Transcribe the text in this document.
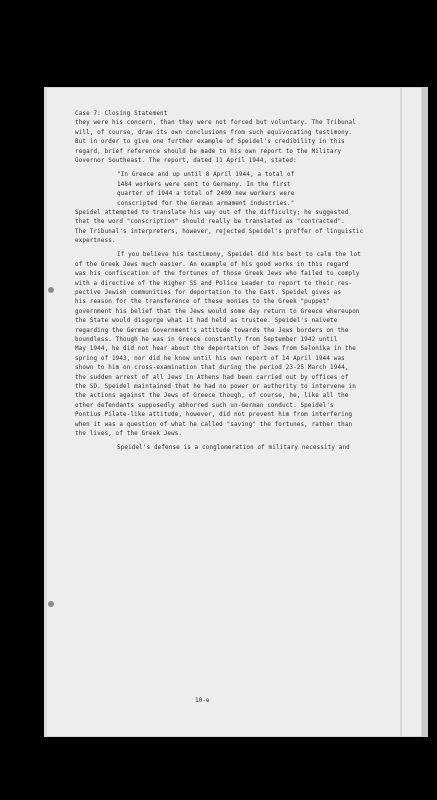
Case 7: Closing Statement
they were his concern, than they were not forced but voluntary. The Tribunal
will, of course, draw its own conclusions from such equivocating testimony.
But in order to give one further example of Speidel's credibility in this
regard, brief reference should be made to his own report to the Military
Governor Southeast. The report, dated 11 April 1944, stated:
"In Greece and up until 8 April 1944, a total of
1484 workers were sent to Germany. In the first
quarter of 1944 a total of 2409 new workers were
conscripted for the German armament industries."
Speidel attempted to translate his way out of the difficulty; he suggested
that the word "conscription" should really be translated as "contracted".
The Tribunal's interpreters, however, rejected Speidel's proffer of linguistic
expertness.
If you believe his testimony, Speidel did his best to calm the lot
of the Greek Jews much easier. An example of his good works in this regard
was his confiscation of the fortunes of those Greek Jews who failed to comply
with a directive of the Higher SS and Police Leader to report to their res-
pective Jewish communities for deportation to the East. Speidel gives as
his reason for the transference of these monies to the Greek "puppet"
government his belief that the Jews would some day return to Greece whereupon
the State would disgorge what it had held as trustee. Speidel's naivete
regarding the German Government's attitude towards the Jews borders on the
boundless. Though he was in Greece constantly from September 1942 until
May 1944, he did not hear about the deportation of Jews from Salonika in the
spring of 1943, nor did he know until his own report of 14 April 1944 was
shown to him on cross-examination that during the period 23-25 March 1944,
the sudden arrest of all Jews in Athens had been carried out by offices of
the SD. Speidel maintained that he had no power or authority to intervene in
the actions against the Jews of Greece though, of course, he, like all the
other defendants supposedly abhorred such un-German conduct. Speidel's
Pontius Pilate-like attitude, however, did not prevent him from interfering
when it was a question of what he called "saving" the fortunes, rather than
the lives, of the Greek Jews.
Speidel's defense is a conglomeration of military necessity and
10-e
